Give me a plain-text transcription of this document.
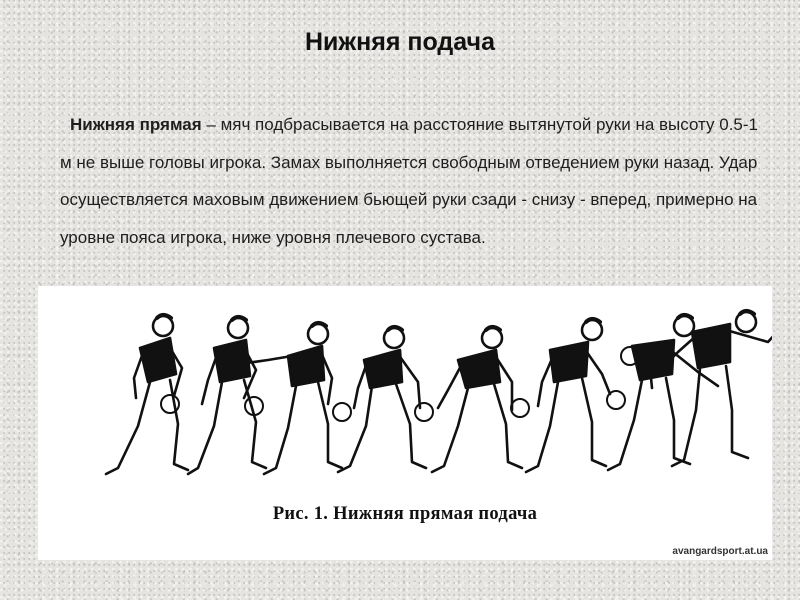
Нижняя подача

Нижняя прямая – мяч подбрасывается на расстояние вытянутой руки на высоту 0.5-1 м не выше головы игрока. Замах выполняется свободным отведением руки назад. Удар осуществляется маховым движением бьющей руки сзади - снизу - вперед, примерно на уровне пояса игрока, ниже уровня плечевого сустава.

Рис. 1. Нижняя прямая подача
avangardsport.at.ua
